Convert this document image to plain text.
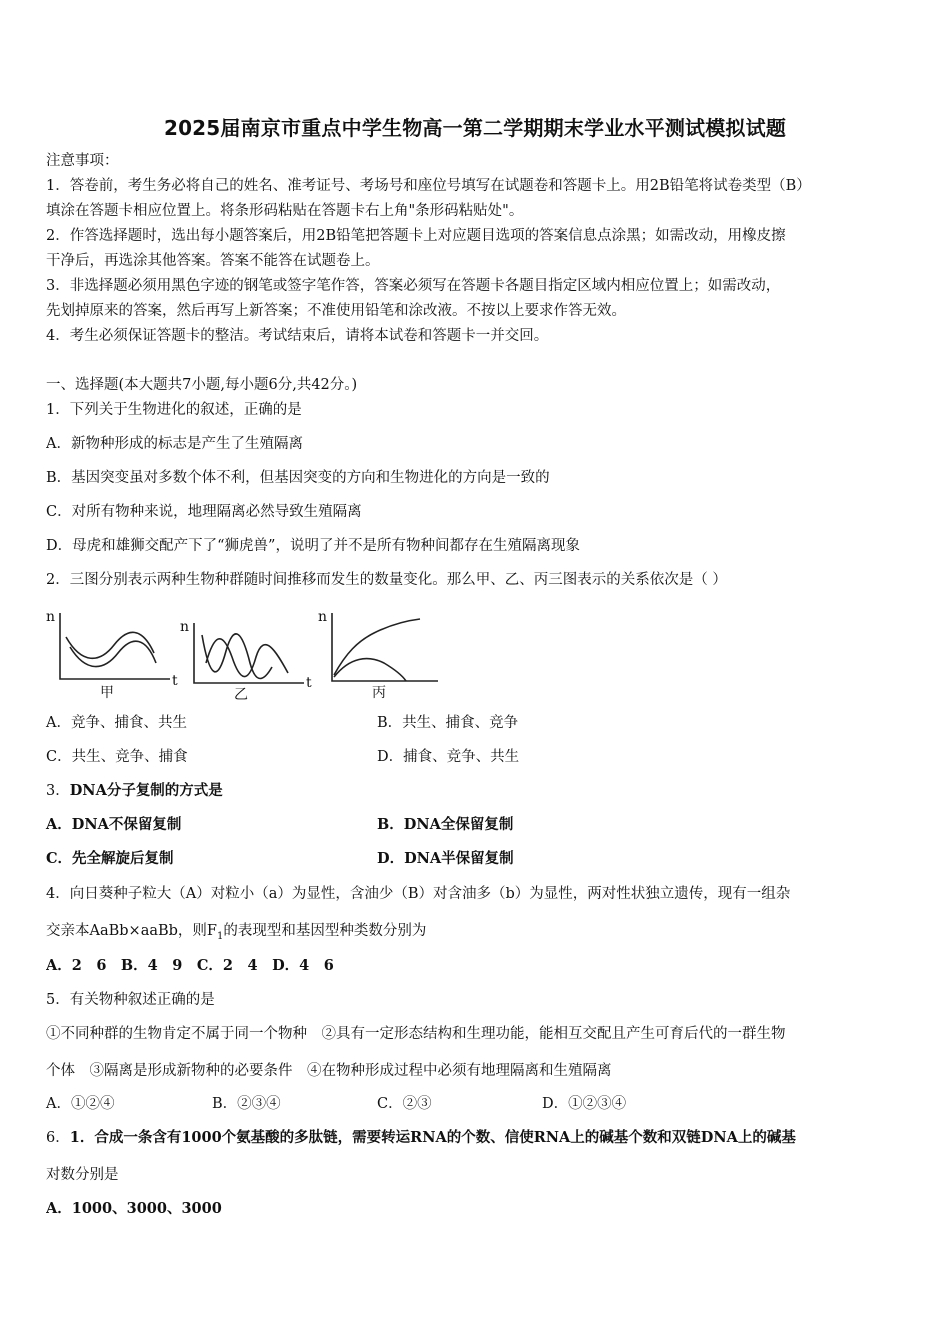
2025届南京市重点中学生物高一第二学期期末学业水平测试模拟试题
注意事项：
1．答卷前，考生务必将自己的姓名、准考证号、考场号和座位号填写在试题卷和答题卡上。用2B铅笔将试卷类型（B）
填涂在答题卡相应位置上。将条形码粘贴在答题卡右上角"条形码粘贴处"。
2．作答选择题时，选出每小题答案后，用2B铅笔把答题卡上对应题目选项的答案信息点涂黑；如需改动，用橡皮擦
干净后，再选涂其他答案。答案不能答在试题卷上。
3．非选择题必须用黑色字迹的钢笔或签字笔作答，答案必须写在答题卡各题目指定区域内相应位置上；如需改动，
先划掉原来的答案，然后再写上新答案；不准使用铅笔和涂改液。不按以上要求作答无效。
4．考生必须保证答题卡的整洁。考试结束后，请将本试卷和答题卡一并交回。
一、选择题(本大题共7小题,每小题6分,共42分。)
1．下列关于生物进化的叙述，正确的是
A．新物种形成的标志是产生了生殖隔离
B．基因突变虽对多数个体不利，但基因突变的方向和生物进化的方向是一致的
C．对所有物种来说，地理隔离必然导致生殖隔离
D．母虎和雄狮交配产下了“狮虎兽”，说明了并不是所有物种间都存在生殖隔离现象
2．三图分别表示两种生物种群随时间推移而发生的数量变化。那么甲、乙、丙三图表示的关系依次是（ ）
n
t
甲
n
t
乙
n
丙
A．竞争、捕食、共生	B．共生、捕食、竞争
C．共生、竞争、捕食	D．捕食、竞争、共生
3．DNA分子复制的方式是
A．DNA不保留复制	B．DNA全保留复制
C．先全解旋后复制	D．DNA半保留复制
4．向日葵种子粒大（A）对粒小（a）为显性，含油少（B）对含油多（b）为显性，两对性状独立遗传，现有一组杂
交亲本AaBb×aaBb，则$F_1$的表现型和基因型种类数分别为
A．2　6　B．4　9　C．2　4　D．4　6
5．有关物种叙述正确的是
①不同种群的生物肯定不属于同一个物种　②具有一定形态结构和生理功能，能相互交配且产生可育后代的一群生物
个体　③隔离是形成新物种的必要条件　④在物种形成过程中必须有地理隔离和生殖隔离
A．①②④	B．②③④	C．②③	D．①②③④
6．1．合成一条含有1000个氨基酸的多肽链，需要转运RNA的个数、信使RNA上的碱基个数和双链DNA上的碱基
对数分别是
A．1000、3000、3000
